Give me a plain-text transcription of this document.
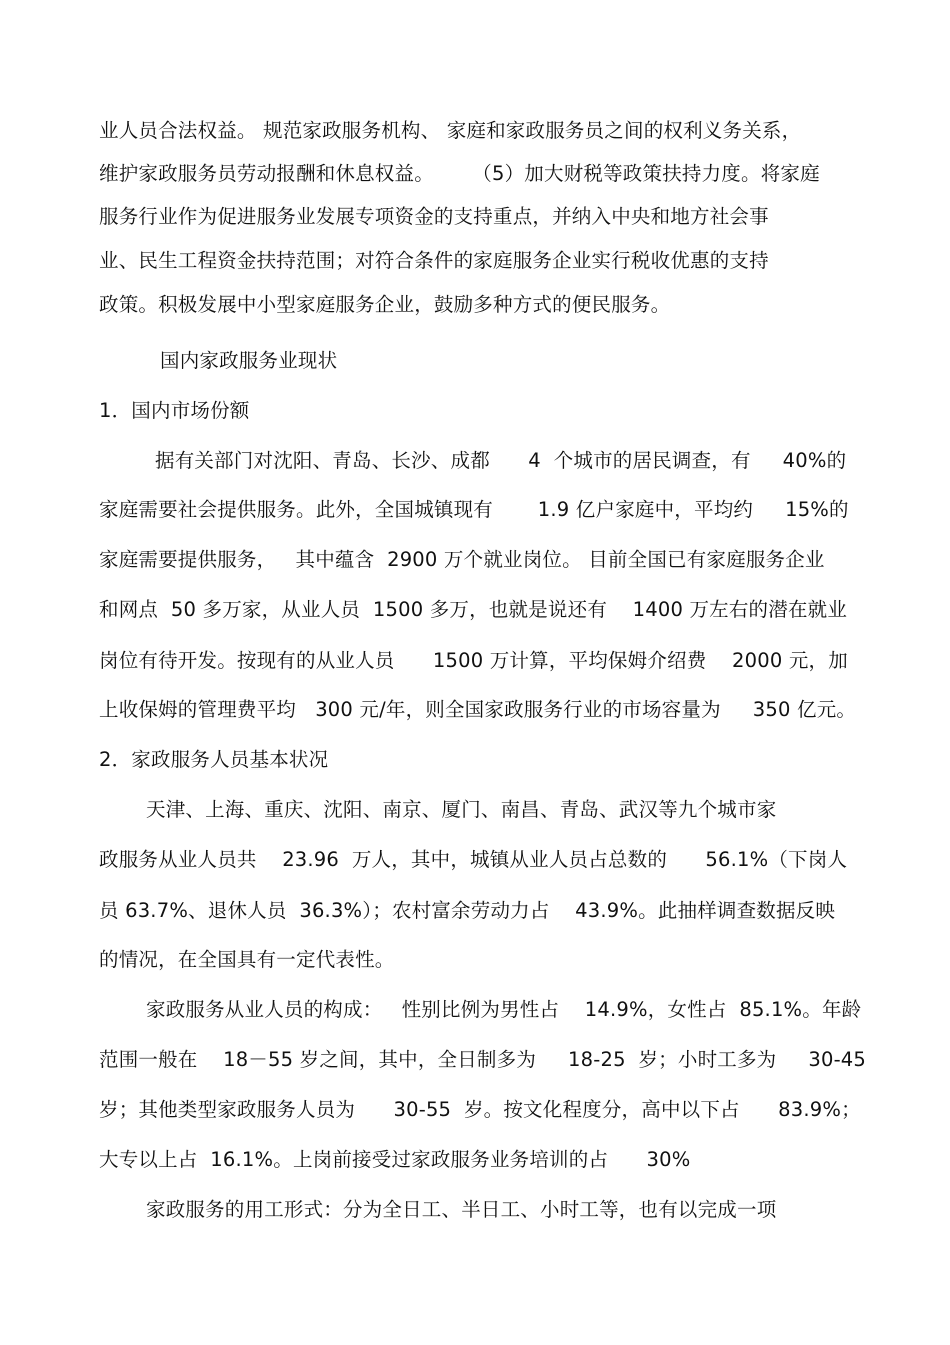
业人员合法权益。 规范家政服务机构、 家庭和家政服务员之间的权利义务关系，
维护家政服务员劳动报酬和休息权益。      （5）加大财税等政策扶持力度。将家庭
服务行业作为促进服务业发展专项资金的支持重点，并纳入中央和地方社会事
业、民生工程资金扶持范围；对符合条件的家庭服务企业实行税收优惠的支持
政策。积极发展中小型家庭服务企业，鼓励多种方式的便民服务。
国内家政服务业现状
1．国内市场份额
据有关部门对沈阳、青岛、长沙、成都      4  个城市的居民调查，有     40%的
家庭需要社会提供服务。此外，全国城镇现有       1.9 亿户家庭中，平均约     15%的
家庭需要提供服务，   其中蕴含  2900 万个就业岗位。 目前全国已有家庭服务企业
和网点  50 多万家，从业人员  1500 多万，也就是说还有    1400 万左右的潜在就业
岗位有待开发。按现有的从业人员      1500 万计算，平均保姆介绍费    2000 元，加
上收保姆的管理费平均   300 元/年，则全国家政服务行业的市场容量为     350 亿元。
2．家政服务人员基本状况
天津、上海、重庆、沈阳、南京、厦门、南昌、青岛、武汉等九个城市家
政服务从业人员共    23.96  万人，其中，城镇从业人员占总数的      56.1%（下岗人
员 63.7%、退休人员  36.3%）；农村富余劳动力占    43.9%。此抽样调查数据反映
的情况，在全国具有一定代表性。
家政服务从业人员的构成：   性别比例为男性占    14.9%，女性占  85.1%。年龄
范围一般在    18－55 岁之间，其中，全日制多为     18-25  岁；小时工多为     30-45
岁；其他类型家政服务人员为      30-55  岁。按文化程度分，高中以下占      83.9%；
大专以上占  16.1%。上岗前接受过家政服务业务培训的占      30%
家政服务的用工形式：分为全日工、半日工、小时工等，也有以完成一项
